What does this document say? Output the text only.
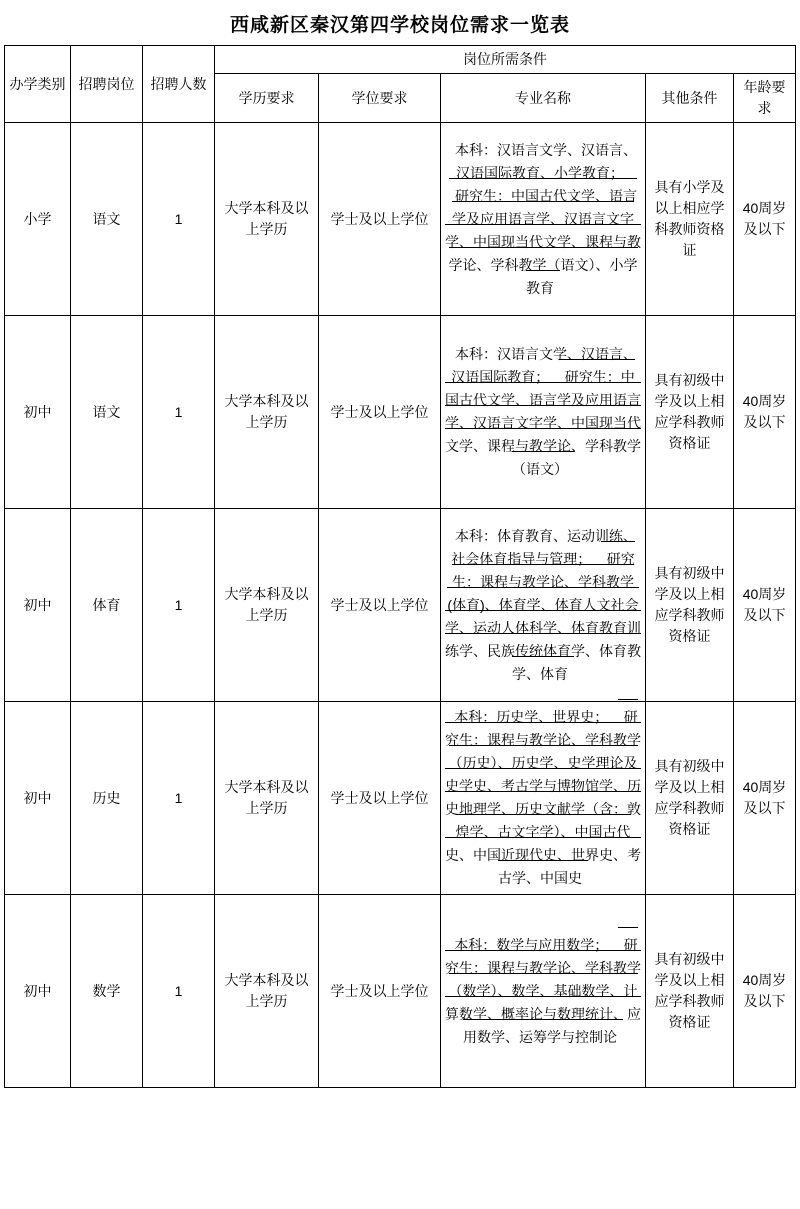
西咸新区秦汉第四学校岗位需求一览表
办学类别	招聘岗位	招聘人数	岗位所需条件				
			学历要求	学位要求	专业名称	其他条件	年龄要求
小学	语文	1	大学本科及以上学历	学士及以上学位	本科：汉语言文学、汉语言、汉语国际教育、小学教育； 研究生：中国古代文学、语言学及应用语言学、汉语言文字学、中国现当代文学、课程与教学论、学科教学（语文）、小学教育	具有小学及以上相应学科教师资格证	40周岁及以下
初中	语文	1	大学本科及以上学历	学士及以上学位	本科：汉语言文学、汉语言、汉语国际教育； 研究生：中国古代文学、语言学及应用语言学、汉语言文字学、中国现当代文学、课程与教学论、学科教学（语文）	具有初级中学及以上相应学科教师资格证	40周岁及以下
初中	体育	1	大学本科及以上学历	学士及以上学位	本科：体育教育、运动训练、社会体育指导与管理； 研究生：课程与教学论、学科教学(体育)、体育学、体育人文社会学、运动人体科学、体育教育训练学、民族传统体育学、体育教学、体育	具有初级中学及以上相应学科教师资格证	40周岁及以下
初中	历史	1	大学本科及以上学历	学士及以上学位	本科：历史学、世界史； 研究生：课程与教学论、学科教学（历史）、历史学、史学理论及史学史、考古学与博物馆学、历史地理学、历史文献学（含：敦煌学、古文字学）、中国古代史、中国近现代史、世界史、考古学、中国史	具有初级中学及以上相应学科教师资格证	40周岁及以下
初中	数学	1	大学本科及以上学历	学士及以上学位	本科：数学与应用数学； 研究生：课程与教学论、学科教学（数学）、数学、基础数学、计算数学、概率论与数理统计、应用数学、运筹学与控制论	具有初级中学及以上相应学科教师资格证	40周岁及以下
